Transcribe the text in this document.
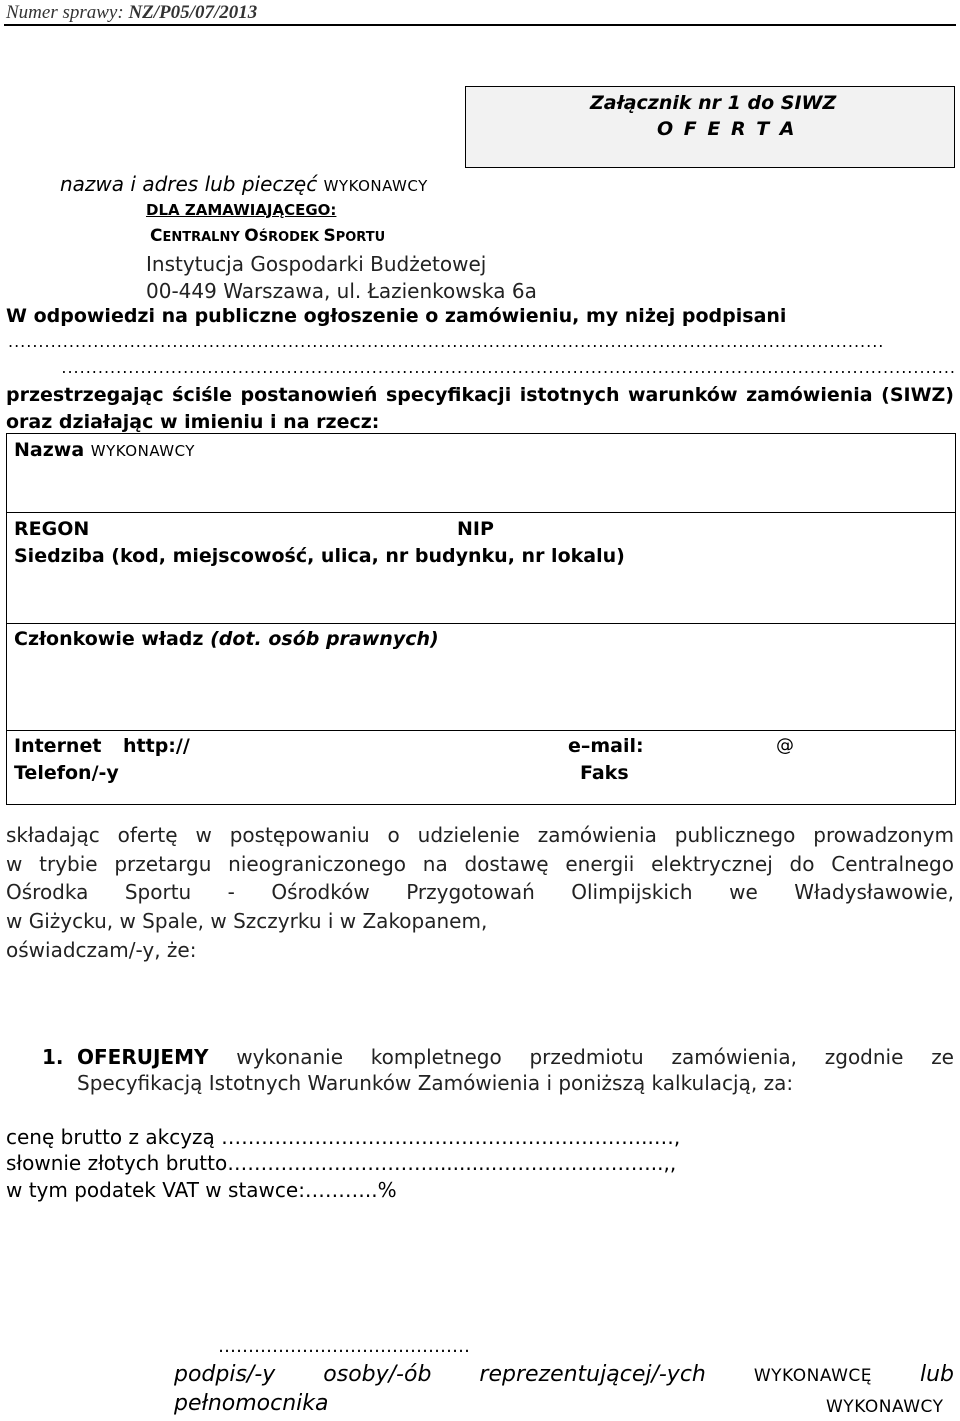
Numer sprawy: NZ/P05/07/2013
Załącznik nr 1 do SIWZ
O F E R T A
nazwa i adres lub pieczęć WYKONAWCY
DLA ZAMAWIAJĄCEGO:
CENTRALNY OŚRODEK SPORTU
Instytucja Gospodarki Budżetowej
00-449 Warszawa, ul. Łazienkowska 6a
W odpowiedzi na publiczne ogłoszenie o zamówieniu, my niżej podpisani
................................................................................................................................................
...................................................................................................................................................
przestrzegając ściśle postanowień specyfikacji istotnych warunków zamówienia (SIWZ)
oraz działając w imieniu i na rzecz:
Nazwa WYKONAWCY
REGON	NIP
Siedziba (kod, miejscowość, ulica, nr budynku, nr lokalu)
Członkowie władz (dot. osób prawnych)
Internet http://	e–mail:	@
Telefon/-y	Faks
składając ofertę w postępowaniu o udzielenie zamówienia publicznego prowadzonym
w trybie przetargu nieograniczonego na dostawę energii elektrycznej do Centralnego
Ośrodka Sportu - Ośrodków Przygotowań Olimpijskich we Władysławowie,
w Giżycku, w Spale, w Szczyrku i w Zakopanem,
oświadczam/-y, że:
1. OFERUJEMY wykonanie kompletnego przedmiotu zamówienia, zgodnie ze
Specyfikacją Istotnych Warunków Zamówienia i poniższą kalkulacją, za:
cenę brutto z akcyzą ………………………………………………………..…,
słownie złotych brutto…………………………..........……………………..,,
w tym podatek VAT w stawce:………..%
……………………………………
podpis/-y osoby/-ób reprezentującej/-ych WYKONAWCĘ lub
pełnomocnika	WYKONAWCY
